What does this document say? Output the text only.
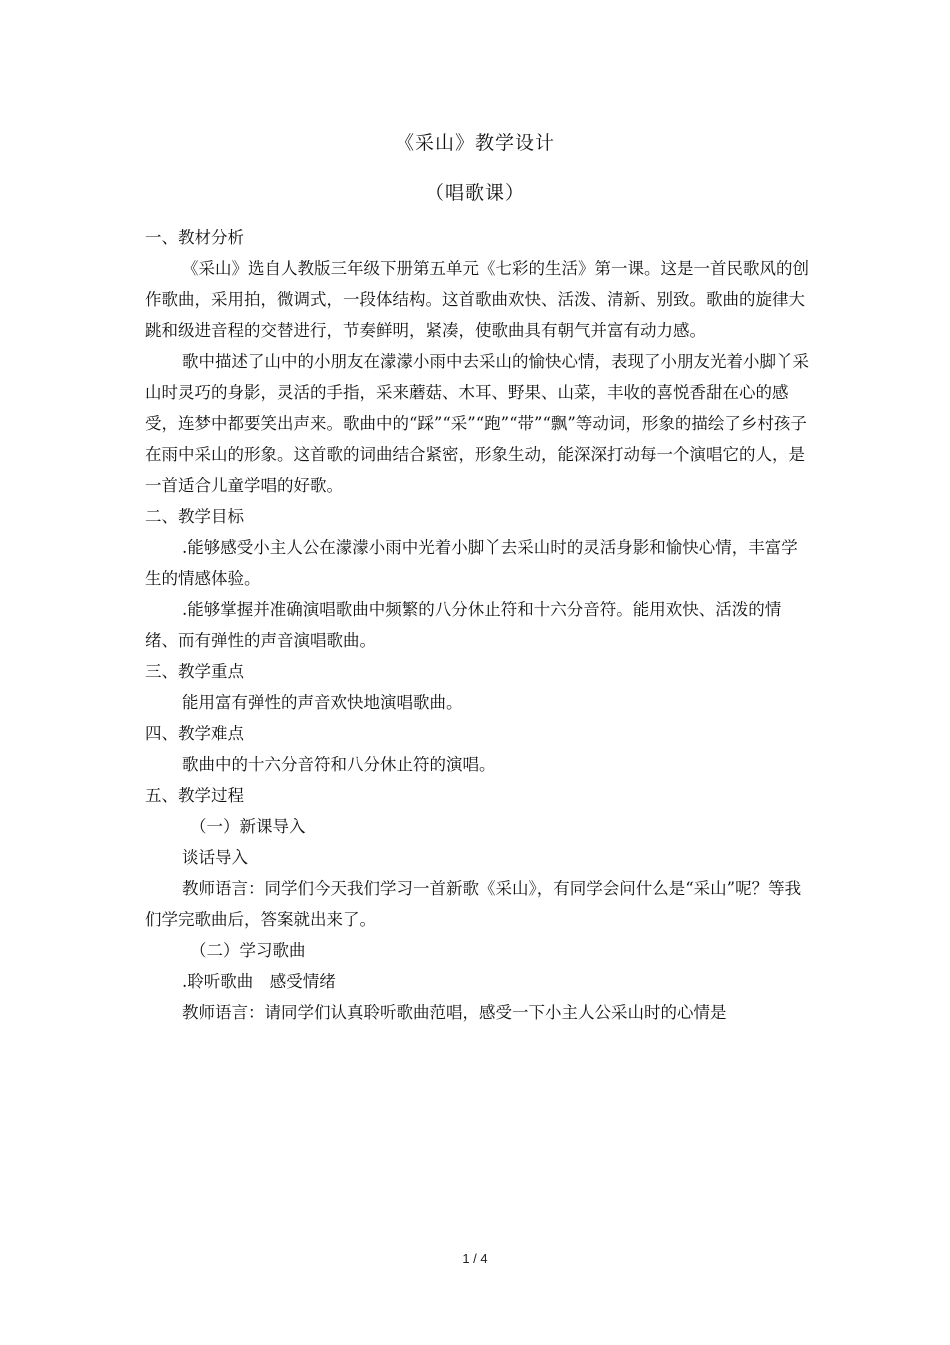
《采山》教学设计
（唱歌课）

一、教材分析

《采山》选自人教版三年级下册第五单元《七彩的生活》第一课。这是一首民歌风的创作歌曲，采用拍，微调式，一段体结构。这首歌曲欢快、活泼、清新、别致。歌曲的旋律大跳和级进音程的交替进行，节奏鲜明，紧凑，使歌曲具有朝气并富有动力感。

歌中描述了山中的小朋友在濛濛小雨中去采山的愉快心情，表现了小朋友光着小脚丫采山时灵巧的身影，灵活的手指，采来蘑菇、木耳、野果、山菜，丰收的喜悦香甜在心的感受，连梦中都要笑出声来。歌曲中的“踩”“采”“跑”“带”“飘”等动词，形象的描绘了乡村孩子在雨中采山的形象。这首歌的词曲结合紧密，形象生动，能深深打动每一个演唱它的人，是一首适合儿童学唱的好歌。

二、教学目标

.能够感受小主人公在濛濛小雨中光着小脚丫去采山时的灵活身影和愉快心情，丰富学生的情感体验。

.能够掌握并准确演唱歌曲中频繁的八分休止符和十六分音符。能用欢快、活泼的情绪、而有弹性的声音演唱歌曲。

三、教学重点

能用富有弹性的声音欢快地演唱歌曲。

四、教学难点

歌曲中的十六分音符和八分休止符的演唱。

五、教学过程

（一）新课导入

谈话导入

教师语言：同学们今天我们学习一首新歌《采山》，有同学会问什么是“采山”呢？等我们学完歌曲后，答案就出来了。

（二）学习歌曲

.聆听歌曲　感受情绪

教师语言：请同学们认真聆听歌曲范唱，感受一下小主人公采山时的心情是

1 / 4
